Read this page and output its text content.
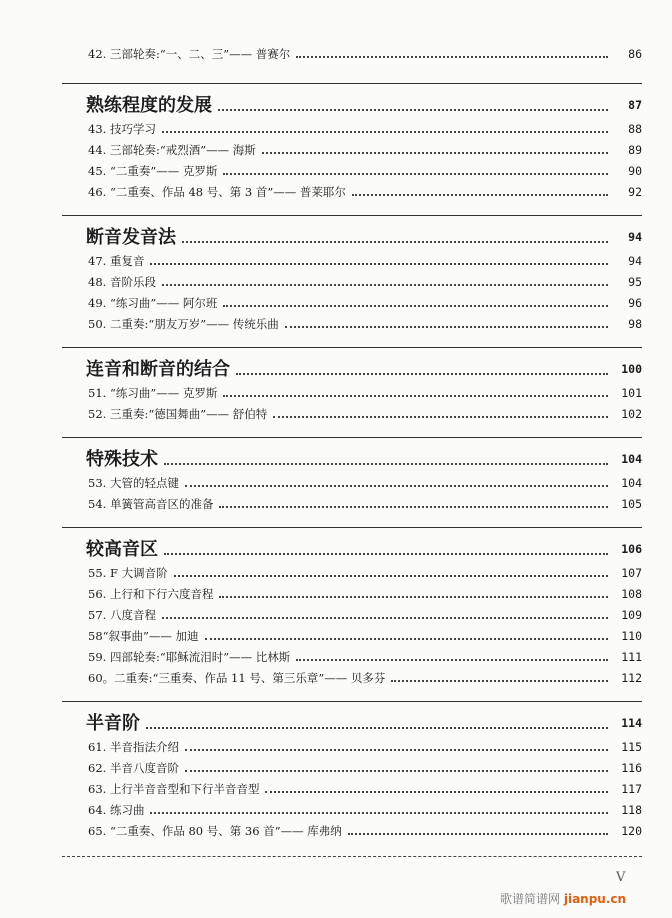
42. 三部轮奏:“一、二、三”—— 普赛尔	86
熟练程度的发展	87
43. 技巧学习	88
44. 三部轮奏:“戒烈酒”—— 海斯	89
45. “二重奏”—— 克罗斯	90
46. “二重奏、作品 48 号、第 3 首”—— 普莱耶尔	92
断音发音法	94
47. 重复音	94
48. 音阶乐段	95
49. “练习曲”—— 阿尔班	96
50. 二重奏:“朋友万岁”—— 传统乐曲	98
连音和断音的结合	100
51. “练习曲”—— 克罗斯	101
52. 三重奏:“德国舞曲”—— 舒伯特	102
特殊技术	104
53. 大管的轻点键	104
54. 单簧管高音区的准备	105
较高音区	106
55. F 大调音阶	107
56. 上行和下行六度音程	108
57. 八度音程	109
58“叙事曲”—— 加迪	110
59. 四部轮奏:“耶稣流泪时”—— 比林斯	111
60。二重奏:“三重奏、作品 11 号、第三乐章”—— 贝多芬	112
半音阶	114
61. 半音指法介绍	115
62. 半音八度音阶	116
63. 上行半音音型和下行半音音型	117
64. 练习曲	118
65. “二重奏、作品 80 号、第 36 首”—— 库弗纳	120
V
歌谱简谱网 jianpu.cn
